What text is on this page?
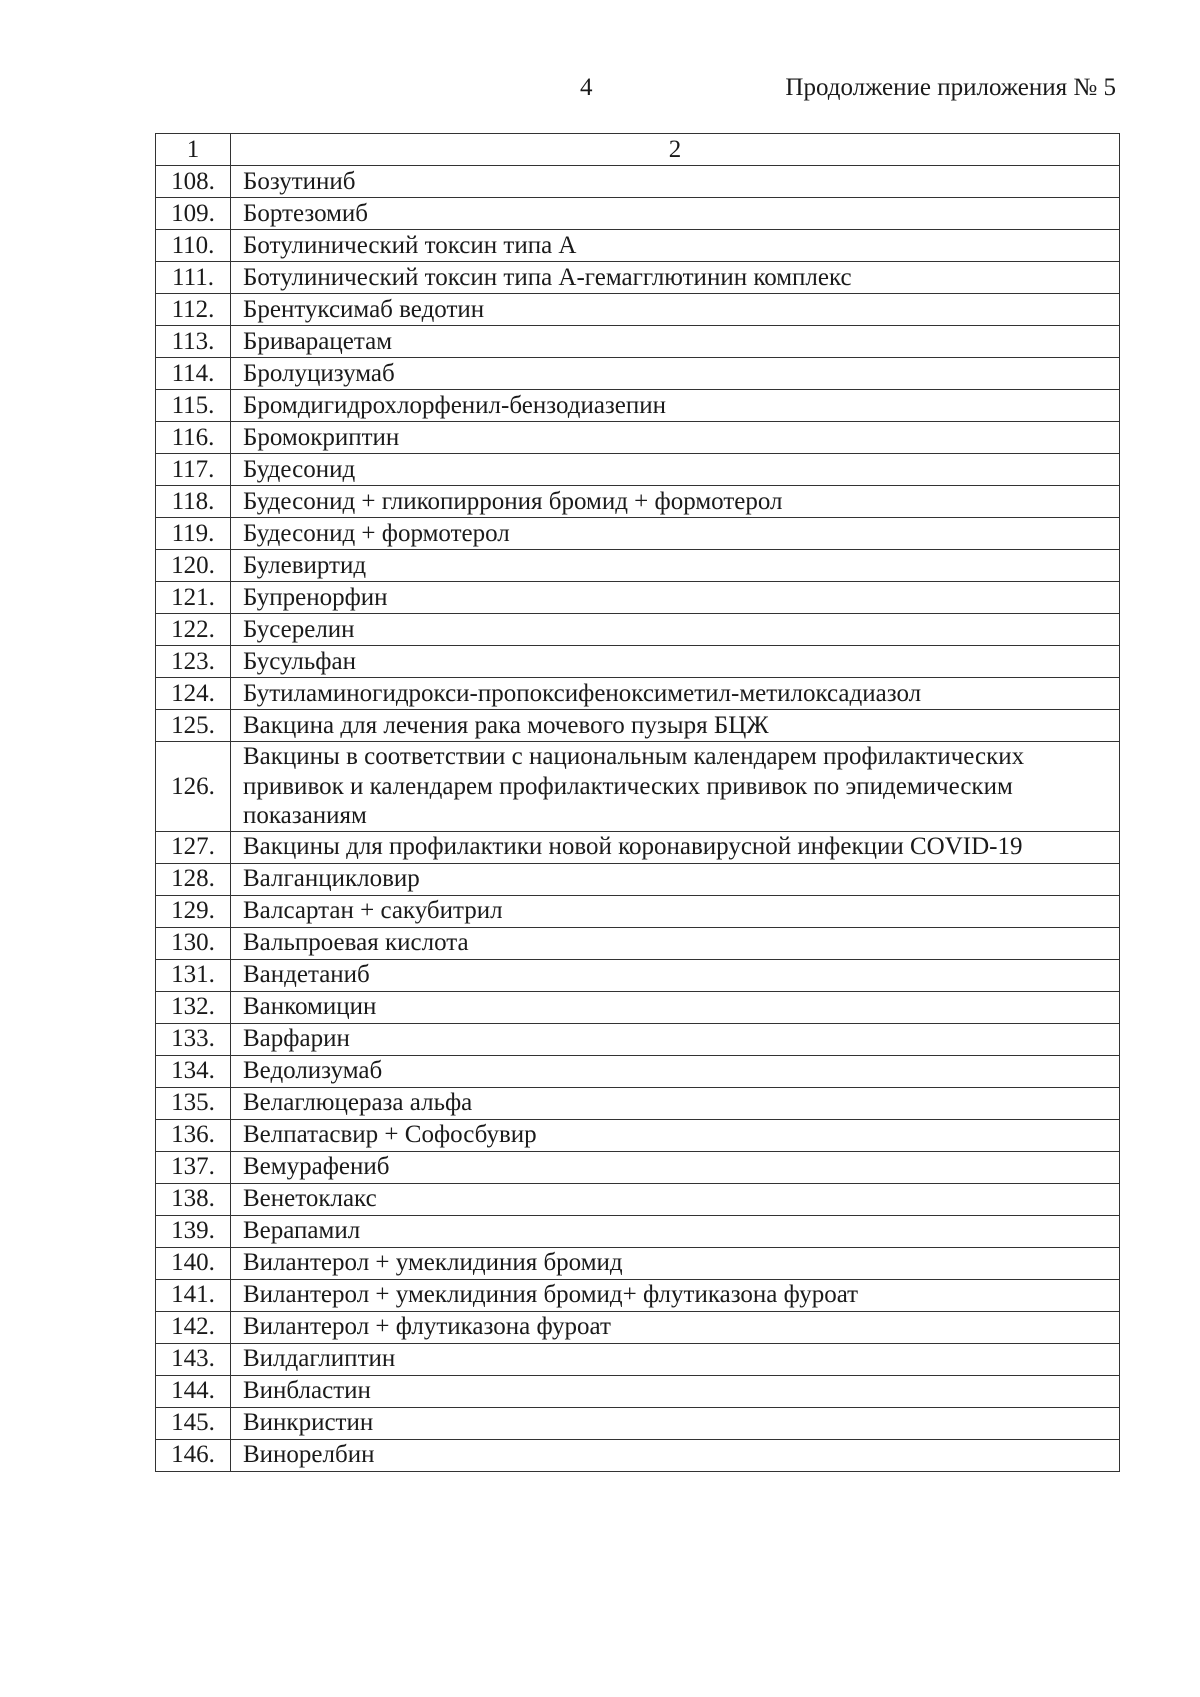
4	Продолжение приложения № 5
1	2
108.	Бозутиниб
109.	Бортезомиб
110.	Ботулинический токсин типа А
111.	Ботулинический токсин типа А-гемагглютинин комплекс
112.	Брентуксимаб ведотин
113.	Бриварацетам
114.	Бролуцизумаб
115.	Бромдигидрохлорфенил-бензодиазепин
116.	Бромокриптин
117.	Будесонид
118.	Будесонид + гликопиррония бромид + формотерол
119.	Будесонид + формотерол
120.	Булевиртид
121.	Бупренорфин
122.	Бусерелин
123.	Бусульфан
124.	Бутиламиногидрокси-пропоксифеноксиметил-метилоксадиазол
125.	Вакцина для лечения рака мочевого пузыря БЦЖ
126.	Вакцины в соответствии с национальным календарем профилактических прививок и календарем профилактических прививок по эпидемическим показаниям
127.	Вакцины для профилактики новой коронавирусной инфекции COVID-19
128.	Валганцикловир
129.	Валсартан + сакубитрил
130.	Вальпроевая кислота
131.	Вандетаниб
132.	Ванкомицин
133.	Варфарин
134.	Ведолизумаб
135.	Велаглюцераза альфа
136.	Велпатасвир + Софосбувир
137.	Вемурафениб
138.	Венетоклакс
139.	Верапамил
140.	Вилантерол + умеклидиния бромид
141.	Вилантерол + умеклидиния бромид+ флутиказона фуроат
142.	Вилантерол + флутиказона фуроат
143.	Вилдаглиптин
144.	Винбластин
145.	Винкристин
146.	Винорелбин
